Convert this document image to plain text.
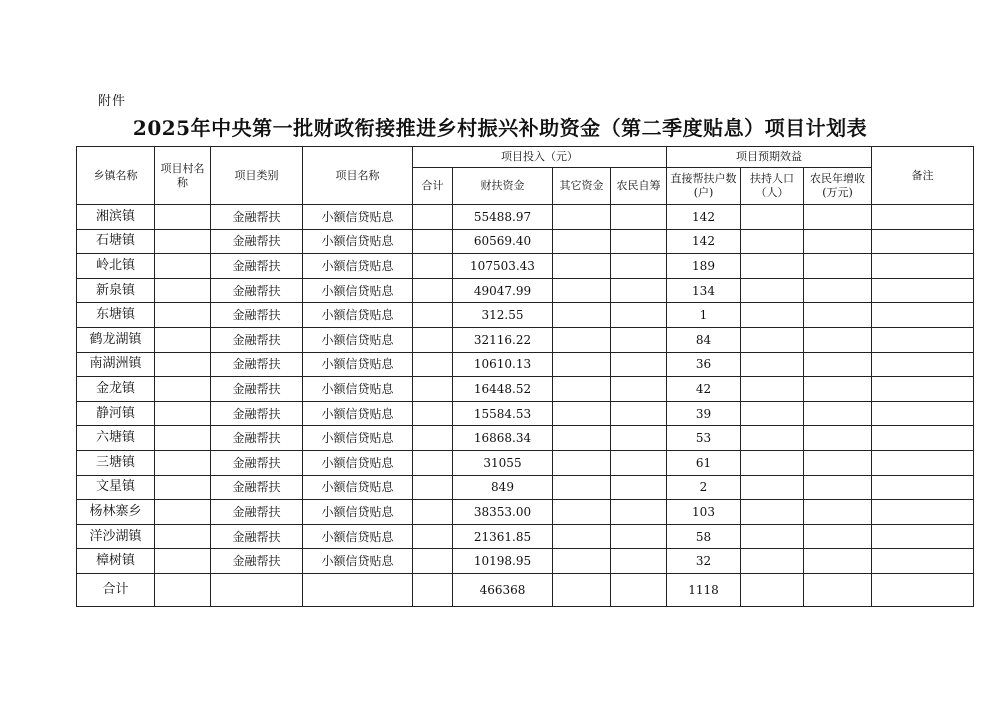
附件
2025年中央第一批财政衔接推进乡村振兴补助资金（第二季度贴息）项目计划表
乡镇名称	项目村名称	项目类别	项目名称	项目投入（元）				项目预期效益			备注
				合计	财扶资金	其它资金	农民自筹	直接帮扶户数(户)	扶持人口（人）	农民年增收(万元)	
湘滨镇		金融帮扶	小额信贷贴息		55488.97			142			
石塘镇		金融帮扶	小额信贷贴息		60569.40			142			
岭北镇		金融帮扶	小额信贷贴息		107503.43			189			
新泉镇		金融帮扶	小额信贷贴息		49047.99			134			
东塘镇		金融帮扶	小额信贷贴息		312.55			1			
鹤龙湖镇		金融帮扶	小额信贷贴息		32116.22			84			
南湖洲镇		金融帮扶	小额信贷贴息		10610.13			36			
金龙镇		金融帮扶	小额信贷贴息		16448.52			42			
静河镇		金融帮扶	小额信贷贴息		15584.53			39			
六塘镇		金融帮扶	小额信贷贴息		16868.34			53			
三塘镇		金融帮扶	小额信贷贴息		31055			61			
文星镇		金融帮扶	小额信贷贴息		849			2			
杨林寨乡		金融帮扶	小额信贷贴息		38353.00			103			
洋沙湖镇		金融帮扶	小额信贷贴息		21361.85			58			
樟树镇		金融帮扶	小额信贷贴息		10198.95			32			
合计					466368			1118			
